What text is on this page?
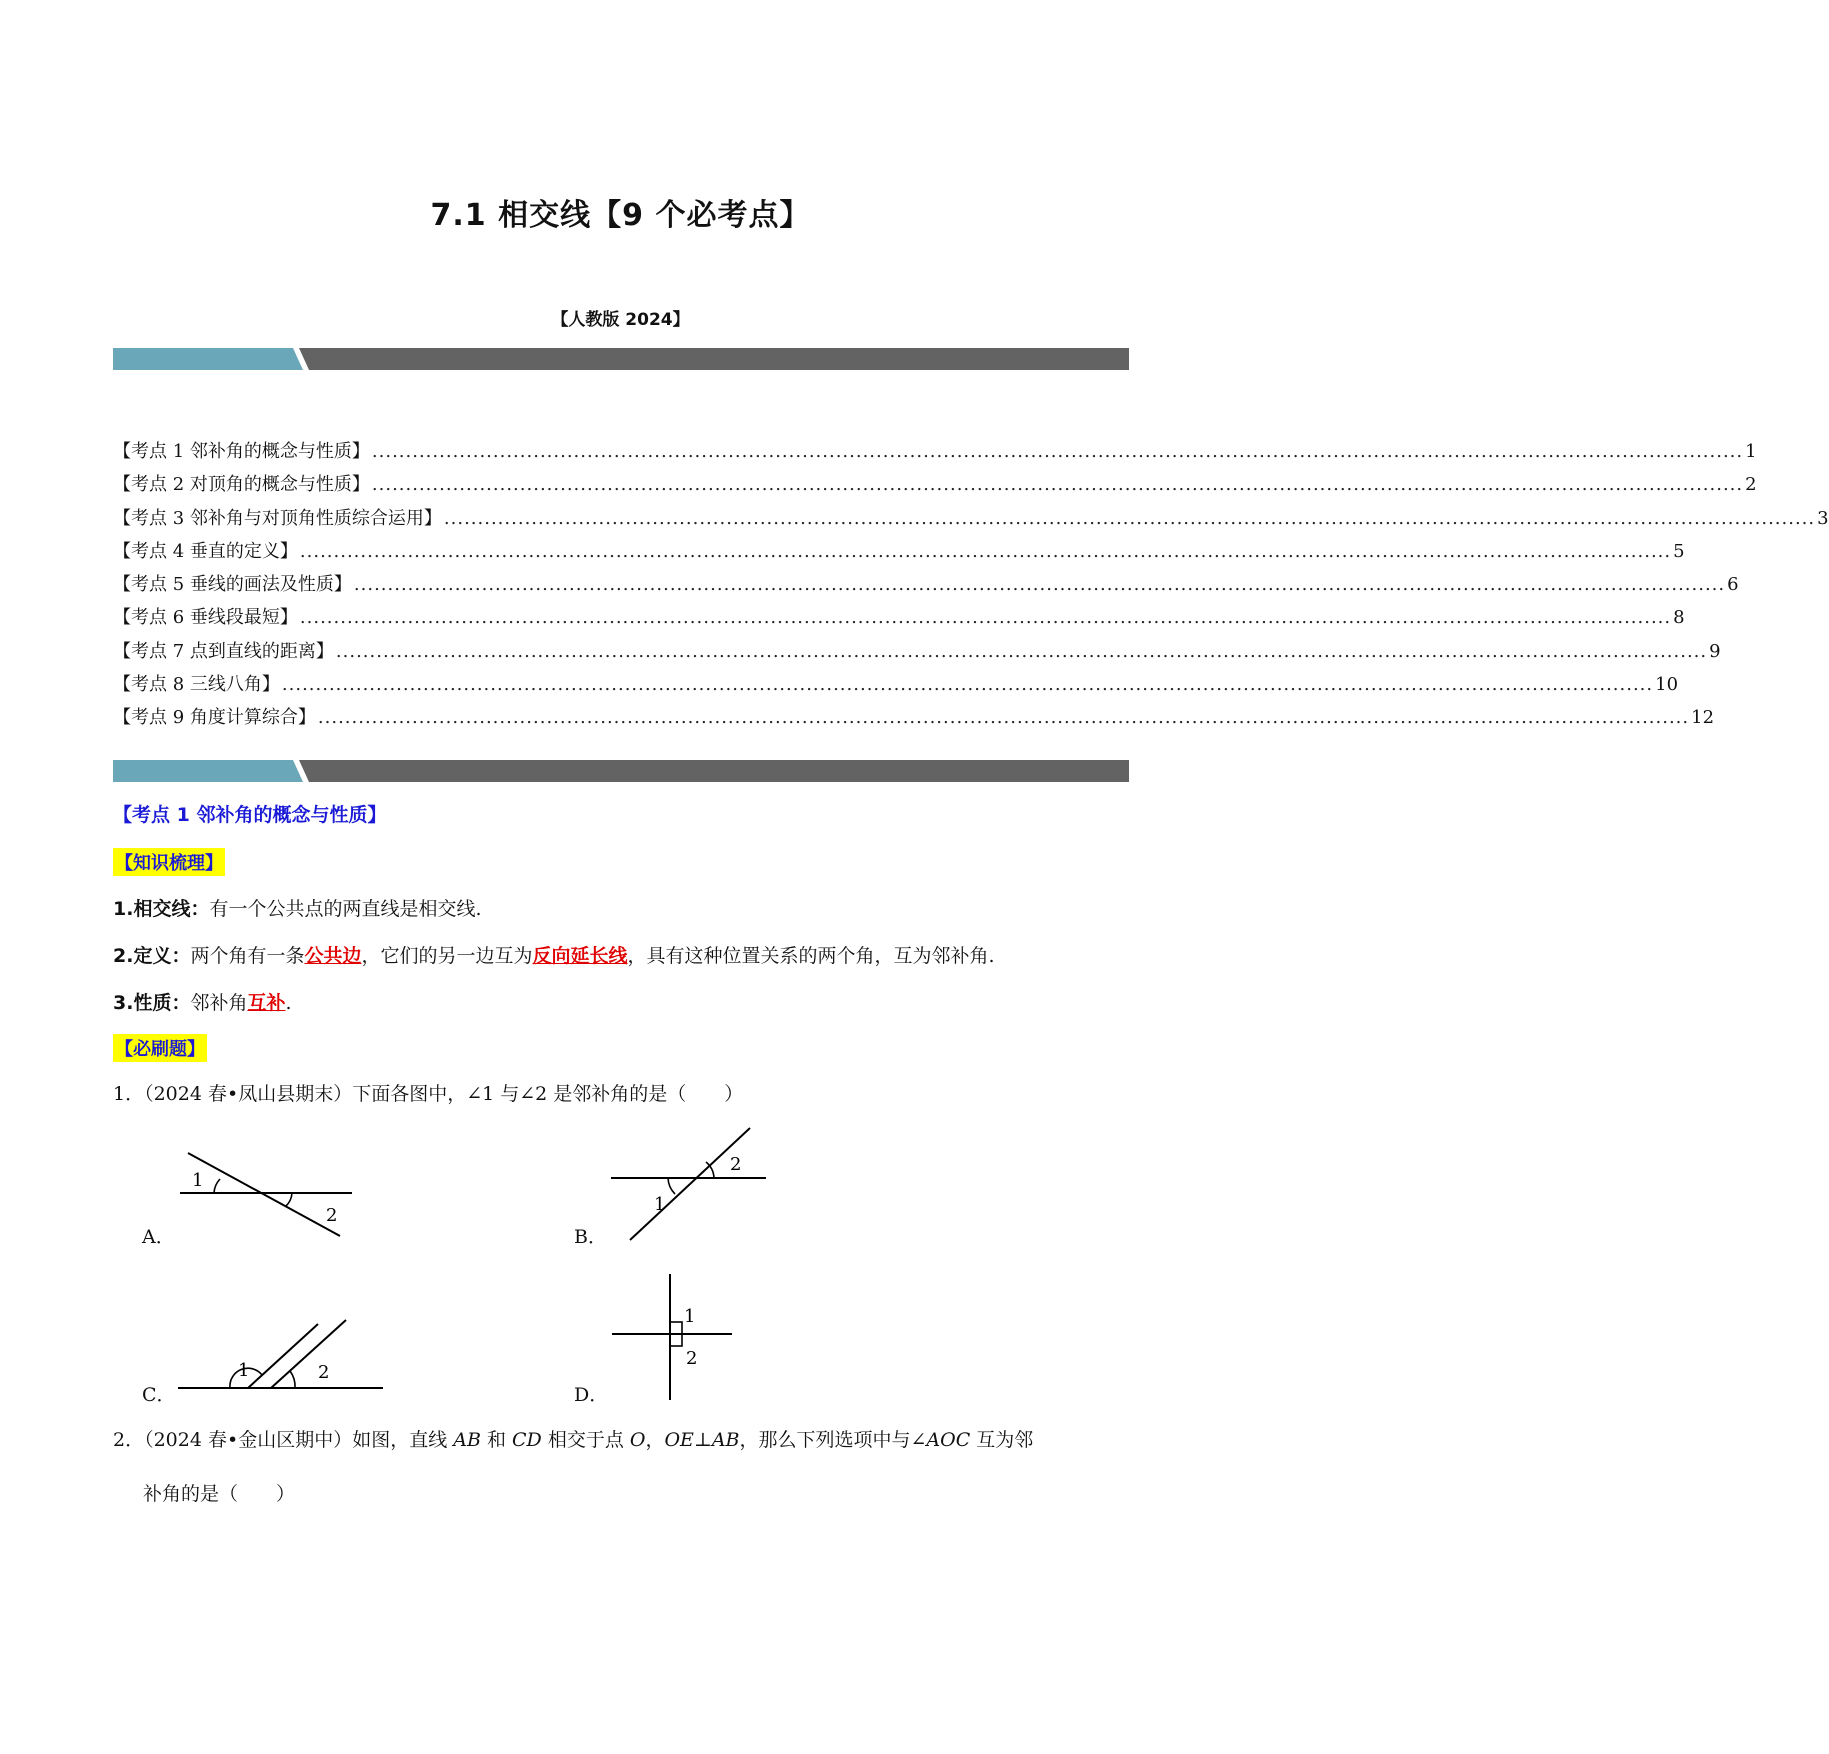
7.1 相交线【9 个必考点】
【人教版 2024】
【考点 1 邻补角的概念与性质】 ............................................................................................................................................................................................................ 1
【考点 2 对顶角的概念与性质】 ............................................................................................................................................................................................................ 2
【考点 3 邻补角与对顶角性质综合运用】 ............................................................................................................................................................................................................ 3
【考点 4 垂直的定义】 ............................................................................................................................................................................................................ 5
【考点 5 垂线的画法及性质】 ............................................................................................................................................................................................................ 6
【考点 6 垂线段最短】 ............................................................................................................................................................................................................ 8
【考点 7 点到直线的距离】 ............................................................................................................................................................................................................ 9
【考点 8 三线八角】 ............................................................................................................................................................................................................ 10
【考点 9 角度计算综合】 ............................................................................................................................................................................................................ 12
【考点 1 邻补角的概念与性质】
【知识梳理】
1.相交线：有一个公共点的两直线是相交线.
2.定义：两个角有一条公共边，它们的另一边互为反向延长线，具有这种位置关系的两个角，互为邻补角.
3.性质：邻补角互补.
【必刷题】
1．（2024 春•凤山县期末）下面各图中，∠1 与∠2 是邻补角的是（　　）
A．
1
2
B．
1
2
C．
1	2
D．
1
2
2．（2024 春•金山区期中）如图，直线 AB 和 CD 相交于点 O，OE⊥AB，那么下列选项中与∠AOC 互为邻
补角的是（　　）
